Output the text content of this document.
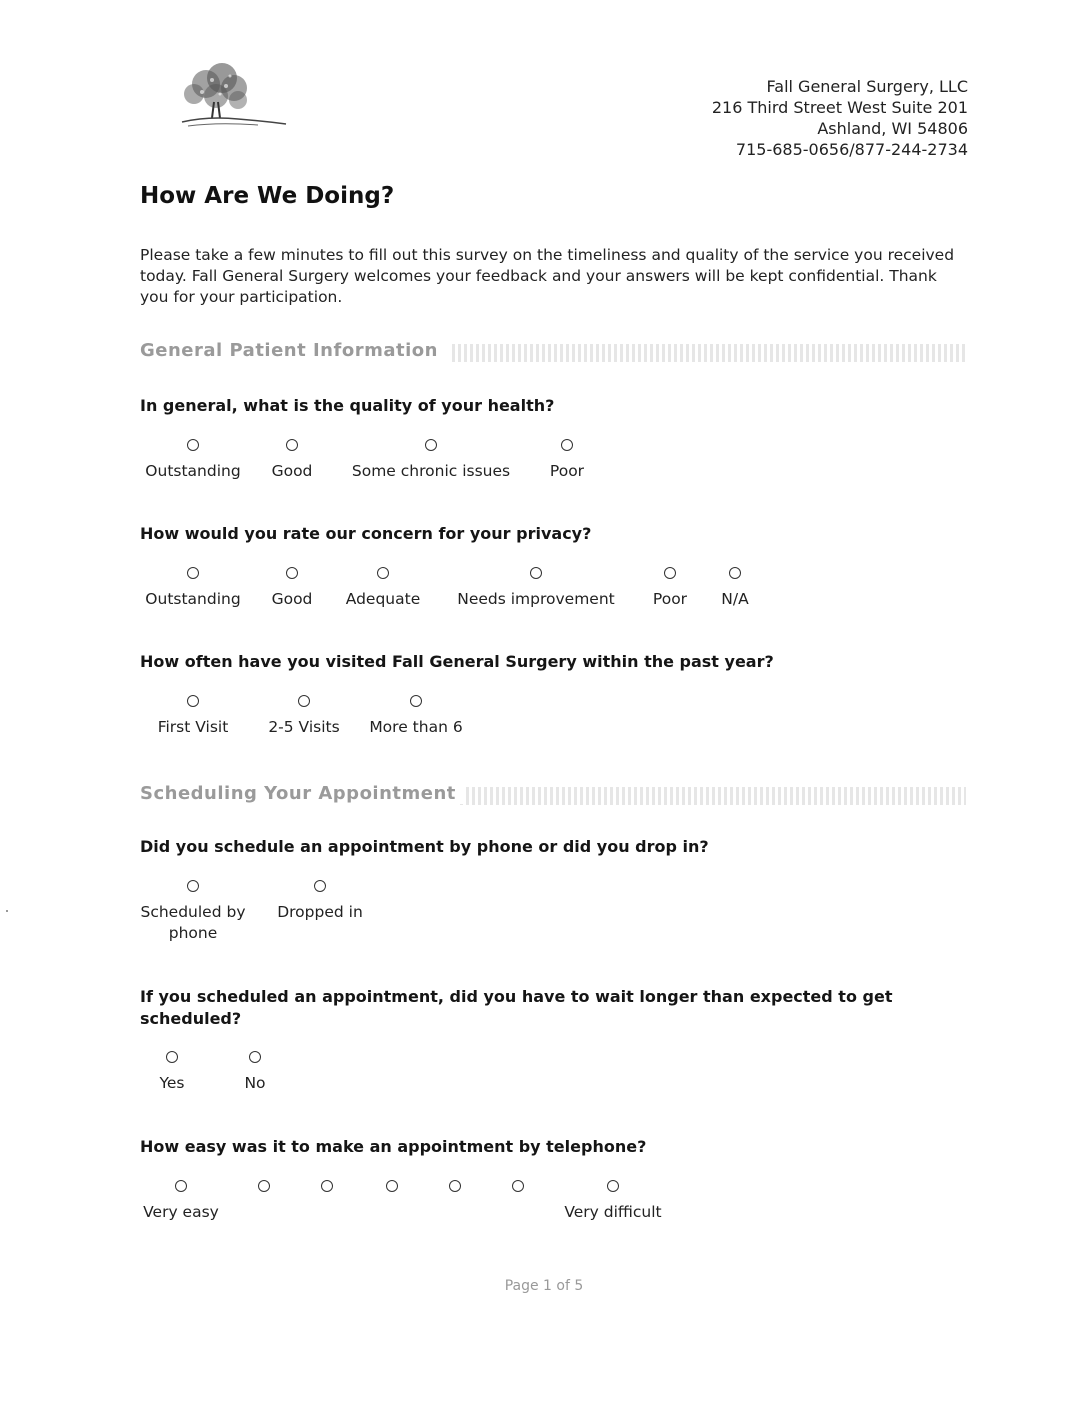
Fall General Surgery, LLC
216 Third Street West Suite 201
Ashland, WI 54806
715-685-0656/877-244-2734
How Are We Doing?

Please take a few minutes to fill out this survey on the timeliness and quality of the service you received today. Fall General Surgery welcomes your feedback and your answers will be kept confidential. Thank you for your participation.

General Patient Information

In general, what is the quality of your health?

Outstanding	Good	Some chronic issues	Poor

How would you rate our concern for your privacy?

Outstanding	Good	Adequate	Needs improvement	Poor	N/A

How often have you visited Fall General Surgery within the past year?

First Visit	2-5 Visits	More than 6
Scheduling Your Appointment

Did you schedule an appointment by phone or did you drop in?

Scheduled by phone
Dropped in

If you scheduled an appointment, did you have to wait longer than expected to get scheduled?

Yes	No

How easy was it to make an appointment by telephone?

Very easy	Very difficult
Page 1 of 5
